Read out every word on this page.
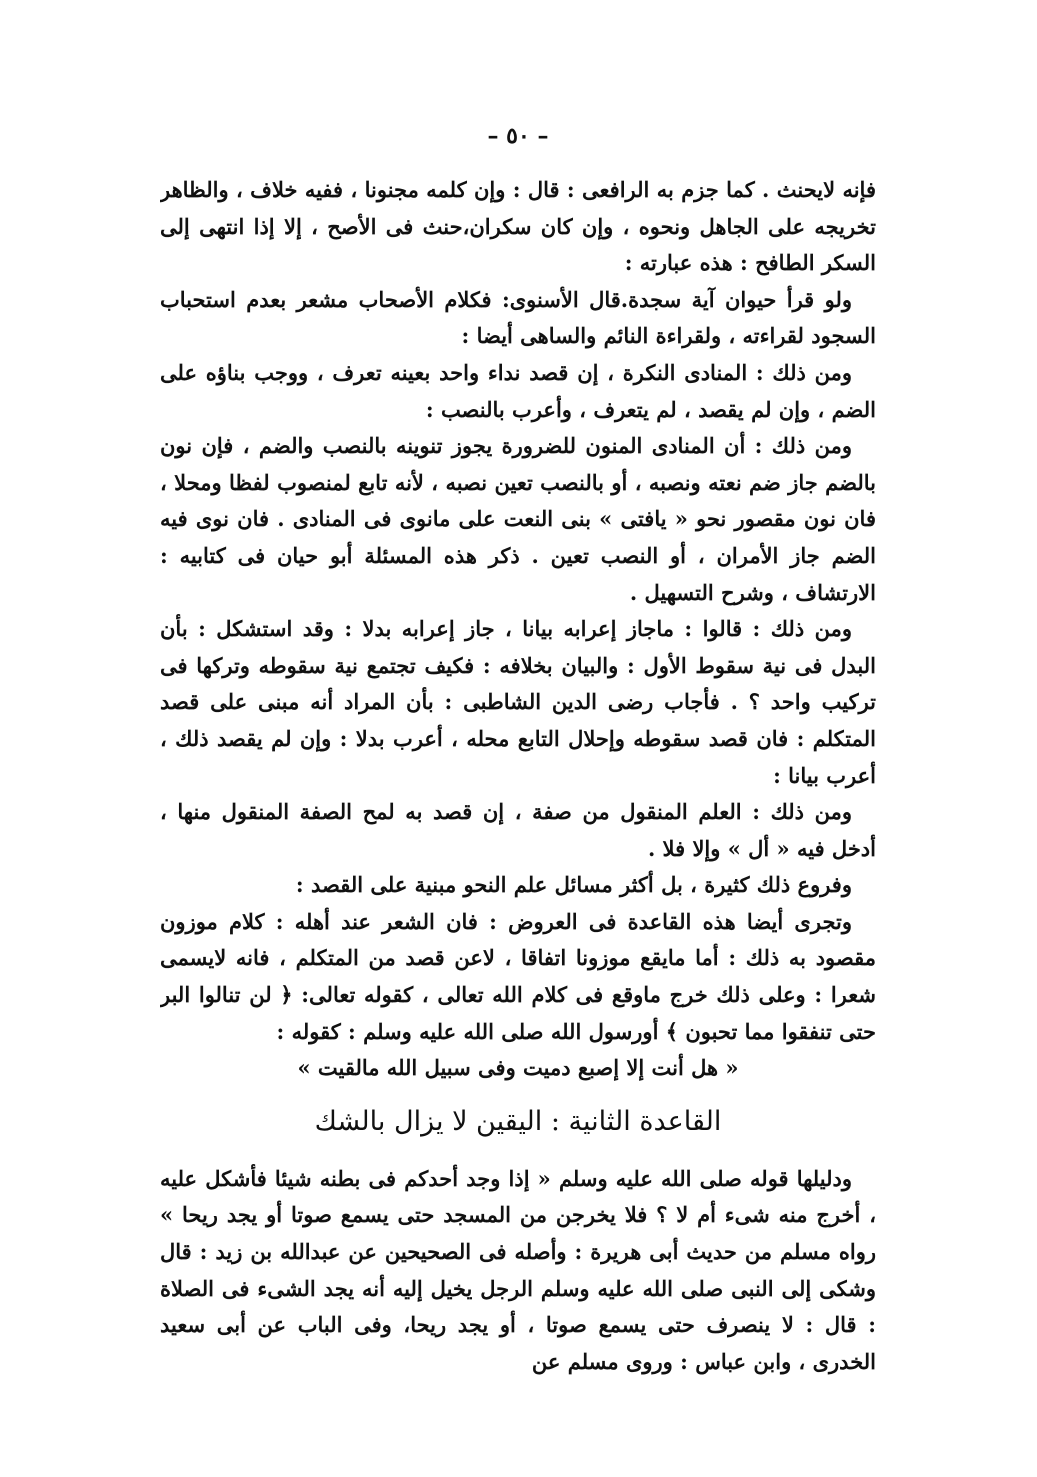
– ٥٠ –

فإنه لايحنث . كما جزم به الرافعى : قال : وإن كلمه مجنونا ، ففيه خلاف ، والظاهر تخريجه على الجاهل ونحوه ، وإن كان سكران،حنث فى الأصح ، إلا إذا انتهى إلى السكر الطافح : هذه عبارته :

ولو قرأ حيوان آية سجدة.قال الأسنوى: فكلام الأصحاب مشعر بعدم استحباب السجود لقراءته ، ولقراءة النائم والساهى أيضا :

ومن ذلك : المنادى النكرة ، إن قصد نداء واحد بعينه تعرف ، ووجب بناؤه على الضم ، وإن لم يقصد ، لم يتعرف ، وأعرب بالنصب :

ومن ذلك : أن المنادى المنون للضرورة يجوز تنوينه بالنصب والضم ، فإن نون بالضم جاز ضم نعته ونصبه ، أو بالنصب تعين نصبه ، لأنه تابع لمنصوب لفظا ومحلا ، فان نون مقصور نحو « يافتى » بنى النعت على مانوى فى المنادى . فان نوى فيه الضم جاز الأمران ، أو النصب تعين . ذكر هذه المسئلة أبو حيان فى كتابيه : الارتشاف ، وشرح التسهيل .

ومن ذلك : قالوا : ماجاز إعرابه بيانا ، جاز إعرابه بدلا : وقد استشكل : بأن البدل فى نية سقوط الأول : والبيان بخلافه : فكيف تجتمع نية سقوطه وتركها فى تركيب واحد ؟ . فأجاب رضى الدين الشاطبى : بأن المراد أنه مبنى على قصد المتكلم : فان قصد سقوطه وإحلال التابع محله ، أعرب بدلا : وإن لم يقصد ذلك ، أعرب بيانا :

ومن ذلك : العلم المنقول من صفة ، إن قصد به لمح الصفة المنقول منها ، أدخل فيه « أل » وإلا فلا .

وفروع ذلك كثيرة ، بل أكثر مسائل علم النحو مبنية على القصد :

وتجرى أيضا هذه القاعدة فى العروض : فان الشعر عند أهله : كلام موزون مقصود به ذلك : أما مايقع موزونا اتفاقا ، لاعن قصد من المتكلم ، فانه لايسمى شعرا : وعلى ذلك خرج ماوقع فى كلام الله تعالى ، كقوله تعالى: ﴿ لن تنالوا البر حتى تنفقوا مما تحبون ﴾ أورسول الله صلى الله عليه وسلم : كقوله :

« هل أنت إلا إصبع دميت وفى سبيل الله مالقيت »

القاعدة الثانية : اليقين لا يزال بالشك

ودليلها قوله صلى الله عليه وسلم « إذا وجد أحدكم فى بطنه شيئا فأشكل عليه ، أخرج منه شىء أم لا ؟ فلا يخرجن من المسجد حتى يسمع صوتا أو يجد ريحا » رواه مسلم من حديث أبى هريرة : وأصله فى الصحيحين عن عبدالله بن زيد : قال وشكى إلى النبى صلى الله عليه وسلم الرجل يخيل إليه أنه يجد الشىء فى الصلاة : قال : لا ينصرف حتى يسمع صوتا ، أو يجد ريحا، وفى الباب عن أبى سعيد الخدرى ، وابن عباس : وروى مسلم عن
